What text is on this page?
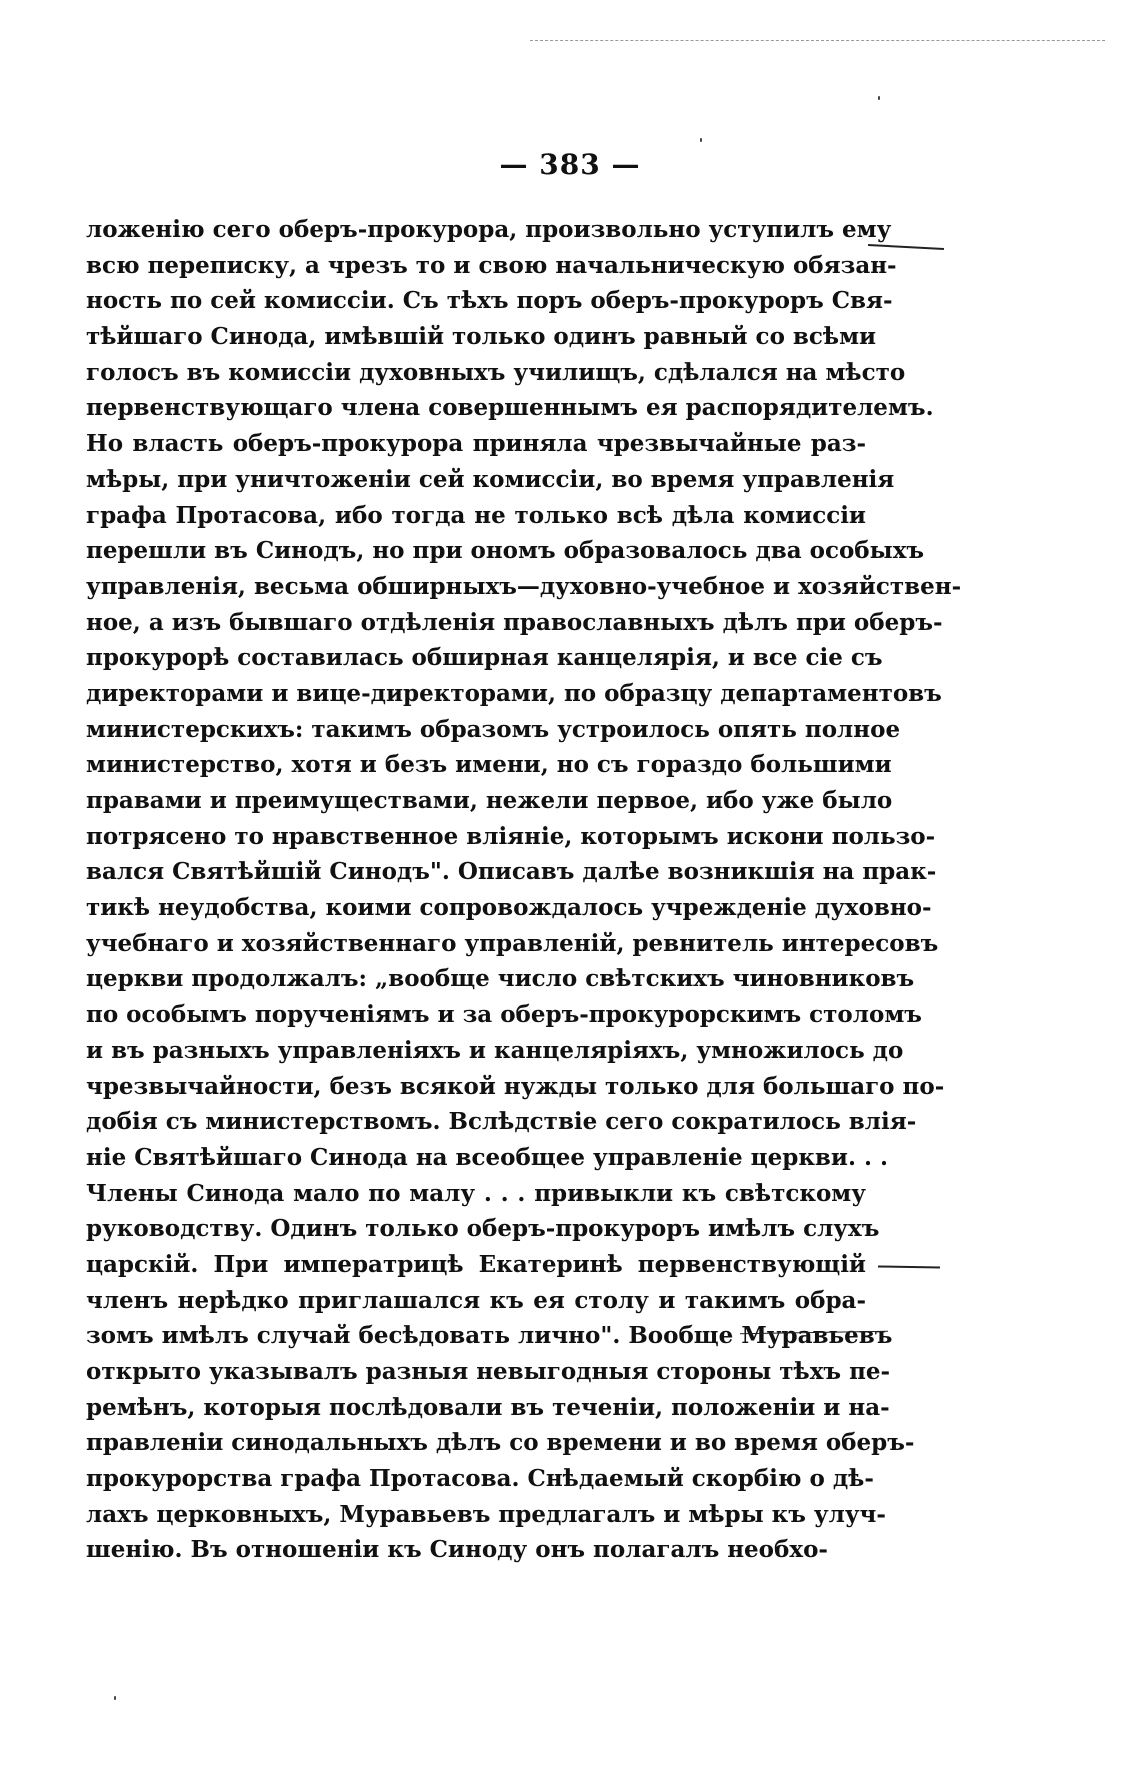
— 383 —
ложенію сего оберъ-прокурора, произвольно уступилъ ему
всю переписку, а чрезъ то и свою начальническую обязан-
ность по сей комиссіи. Съ тѣхъ поръ оберъ-прокуроръ Свя-
тѣйшаго Синода, имѣвшій только одинъ равный со всѣми
голосъ въ комиссіи духовныхъ училищъ, сдѣлался на мѣсто
первенствующаго члена совершеннымъ ея распорядителемъ.
Но власть оберъ-прокурора приняла чрезвычайные раз-
мѣры, при уничтоженіи сей комиссіи, во время управленія
графа Протасова, ибо тогда не только всѣ дѣла комиссіи
перешли въ Синодъ, но при ономъ образовалось два особыхъ
управленія, весьма обширныхъ—духовно-учебное и хозяйствен-
ное, а изъ бывшаго отдѣленія православныхъ дѣлъ при оберъ-
прокурорѣ составилась обширная канцелярія, и все сіе съ
директорами и вице-директорами, по образцу департаментовъ
министерскихъ: такимъ образомъ устроилось опять полное
министерство, хотя и безъ имени, но съ гораздо большими
правами и преимуществами, нежели первое, ибо уже было
потрясено то нравственное вліяніе, которымъ искони пользо-
вался Святѣйшій Синодъ". Описавъ далѣе возникшія на прак-
тикѣ неудобства, коими сопровождалось учрежденіе духовно-
учебнаго и хозяйственнаго управленій, ревнитель интересовъ
церкви продолжалъ: „вообще число свѣтскихъ чиновниковъ
по особымъ порученіямъ и за оберъ-прокурорскимъ столомъ
и въ разныхъ управленіяхъ и канцеляріяхъ, умножилось до
чрезвычайности, безъ всякой нужды только для большаго по-
добія съ министерствомъ. Вслѣдствіе сего сократилось влія-
ніе Святѣйшаго Синода на всеобщее управленіе церкви. . .
Члены Синода мало по малу . . . привыкли къ свѣтскому
руководству. Одинъ только оберъ-прокуроръ имѣлъ слухъ
царскій. При императрицѣ Екатеринѣ первенствующій
членъ нерѣдко приглашался къ ея столу и такимъ обра-
зомъ имѣлъ случай бесѣдовать лично". Вообще Муравьевъ
открыто указывалъ разныя невыгодныя стороны тѣхъ пе-
ремѣнъ, которыя послѣдовали въ теченіи, положеніи и на-
правленіи синодальныхъ дѣлъ со времени и во время оберъ-
прокурорства графа Протасова. Снѣдаемый скорбію о дѣ-
лахъ церковныхъ, Муравьевъ предлагалъ и мѣры къ улуч-
шенію. Въ отношеніи къ Синоду онъ полагалъ необхо-
